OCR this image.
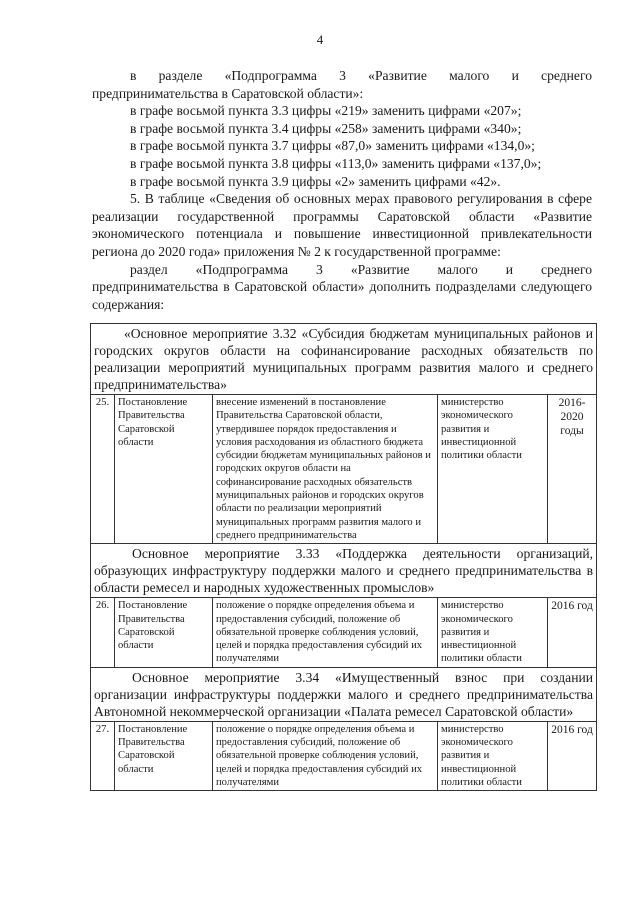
4

в разделе «Подпрограмма 3 «Развитие малого и среднего

предпринимательства в Саратовской области»:

в графе восьмой пункта 3.3 цифры «219» заменить цифрами «207»;

в графе восьмой пункта 3.4 цифры «258» заменить цифрами «340»;

в графе восьмой пункта 3.7 цифры «87,0» заменить цифрами «134,0»;

в графе восьмой пункта 3.8 цифры «113,0» заменить цифрами «137,0»;

в графе восьмой пункта 3.9 цифры «2» заменить цифрами «42».

5. В таблице «Сведения об основных мерах правового регулирования в сфере реализации государственной программы Саратовской области «Развитие экономического потенциала и повышение инвестиционной привлекательности региона до 2020 года» приложения № 2 к государственной программе:

раздел «Подпрограмма 3 «Развитие малого и среднего

предпринимательства в Саратовской области» дополнить подразделами следующего содержания:

«Основное мероприятие 3.32 «Субсидия бюджетам муниципальных районов и городских округов области на софинансирование расходных обязательств по реализации мероприятий муниципальных программ развития малого и среднего предпринимательства»				
25.	Постановление Правительства Саратовской области	внесение изменений в постановление Правительства Саратовской области, утвердившее порядок предоставления и условия расходования из областного бюджета субсидии бюджетам муниципальных районов и городских округов области на софинансирование расходных обязательств муниципальных районов и городских округов области по реализации мероприятий муниципальных программ развития малого и среднего предпринимательства	министерство экономического развития и инвестиционной политики области	2016-2020 годы
Основное мероприятие 3.33 «Поддержка деятельности организаций, образующих инфраструктуру поддержки малого и среднего предпринимательства в области ремесел и народных художественных промыслов»				
26.	Постановление Правительства Саратовской области	положение о порядке определения объема и предоставления субсидий, положение об обязательной проверке соблюдения условий, целей и порядка предоставления субсидий их получателями	министерство экономического развития и инвестиционной политики области	2016 год
Основное мероприятие 3.34 «Имущественный взнос при создании организации инфраструктуры поддержки малого и среднего предпринимательства Автономной некоммерческой организации «Палата ремесел Саратовской области»				
27.	Постановление Правительства Саратовской области	положение о порядке определения объема и предоставления субсидий, положение об обязательной проверке соблюдения условий, целей и порядка предоставления субсидий их получателями	министерство экономического развития и инвестиционной политики области	2016 год
